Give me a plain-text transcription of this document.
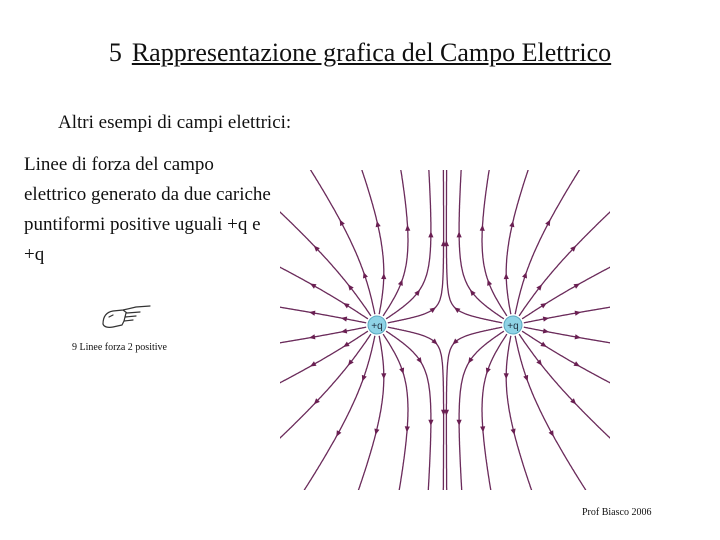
5 Rappresentazione grafica del Campo Elettrico
Altri esempi di campi elettrici:
Linee di forza del campo
elettrico generato da due cariche
puntiformi positive uguali +q e
+q
9 Linee forza 2 positive
+q	+q
Prof Biasco 2006
